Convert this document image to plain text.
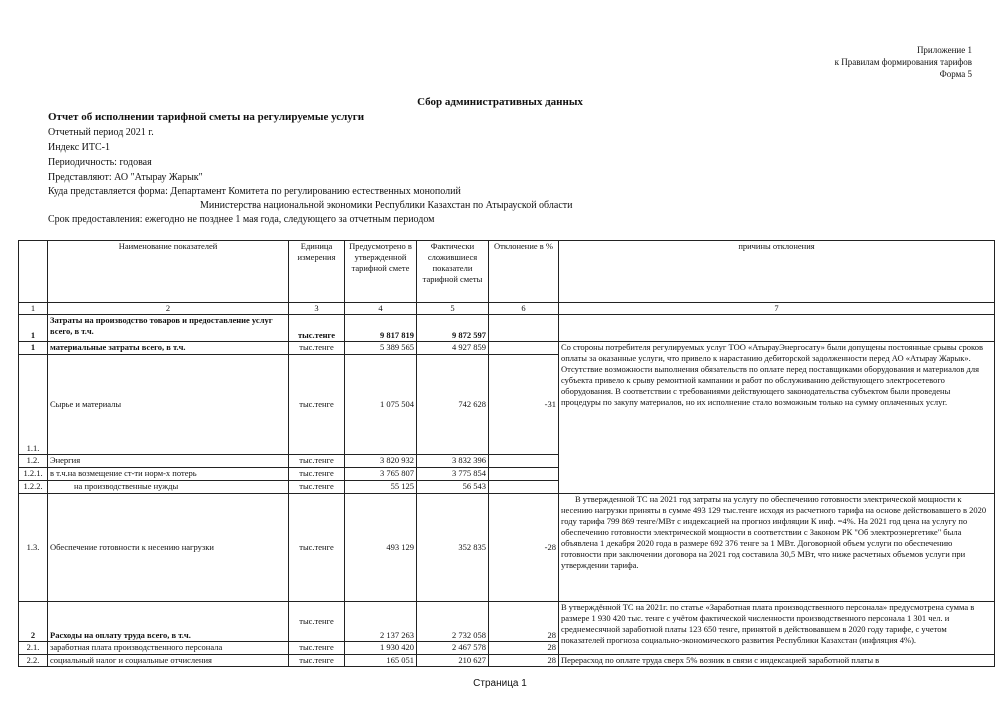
Приложение 1
к Правилам формирования тарифов
Форма 5
Сбор административных данных
Отчет об исполнении тарифной сметы на регулируемые услуги
Отчетный период 2021 г.
Индекс ИТС-1
Периодичность: годовая
Представляют: АО "Атырау Жарык"
Куда представляется форма: Департамент Комитета по регулированию естественных монополий
Министерства национальной экономики Республики Казахстан по Атырауской области
Срок предоставления: ежегодно не позднее 1 мая года, следующего за отчетным периодом
	Наименование показателей	Единица измерения	Предусмотрено в утвержденной тарифной смете	Фактически сложившиеся показатели тарифной сметы	Отклонение в %	причины отклонения
1	2	3	4	5	6	7
1	Затраты на производство товаров и предоставление услуг всего, в т.ч.	тыс.тенге	9 817 819	9 872 597		
1	материальные затраты всего, в т.ч.	тыс.тенге	5 389 565	4 927 859		Со стороны потребителя регулируемых услуг ТОО «АтырауЭнергосату» были допущены постоянные срывы сроков оплаты за оказанные услуги, что привело к нарастанию дебиторской задолженности перед АО «Атырау Жарык». Отсутствие возможности выполнения обязательств по оплате перед поставщиками оборудования и материалов для субъекта привело к срыву ремонтной кампании и работ по обслуживанию действующего электросетевого оборудования. В соответствии с требованиями действующего законодательства субъектом были проведены процедуры по закупу материалов, но их исполнение стало возможным только на сумму оплаченных услуг.
1.1.	Сырье и материалы	тыс.тенге	1 075 504	742 628	-31	
1.2.	Энергия	тыс.тенге	3 820 932	3 832 396		
1.2.1.	в т.ч.на возмещение ст-ти норм-х потерь	тыс.тенге	3 765 807	3 775 854		
1.2.2.	на производственные нужды	тыс.тенге	55 125	56 543		
1.3.	Обеспечение готовности к несению нагрузки	тыс.тенге	493 129	352 835	-28	В утвержденной ТС на 2021 год затраты на услугу по обеспечению готовности электрической мощности к несению нагрузки приняты в сумме 493 129 тыс.тенге исходя из расчетного тарифа на основе действовавшего в 2020 году тарифа 799 869 тенге/МВт с индексацией на прогноз инфляции К инф. =4%. На 2021 год цена на услугу по обеспечению готовности электрической мощности в соответствии с Законом РК "Об электроэнергетике" была объявлена 1 декабря 2020 года в размере 692 376 тенге за 1 МВт. Договорной объем услуги по обеспечению готовности при заключении договора на 2021 год составила 30,5 МВт, что ниже расчетных объемов услуги при утверждении тарифа.
2	Расходы на оплату труда всего, в т.ч.	тыс.тенге	2 137 263	2 732 058	28	В утверждённой ТС на 2021г. по статье «Заработная плата производственного персонала» предусмотрена сумма в размере 1 930 420 тыс. тенге с учётом фактической численности производственного персонала 1 301 чел. и среднемесячной заработной платы 123 650 тенге, принятой в действовавшем в 2020 году тарифе, с учетом показателей прогноза социально-экономического развития Республики Казахстан (инфляция 4%).
2.1.	заработная плата производственного персонала	тыс.тенге	1 930 420	2 467 578	28	
2.2.	социальный налог и социальные отчисления	тыс.тенге	165 051	210 627	28	Перерасход по оплате труда сверх 5% возник в связи с индексацией заработной платы в
Страница 1
